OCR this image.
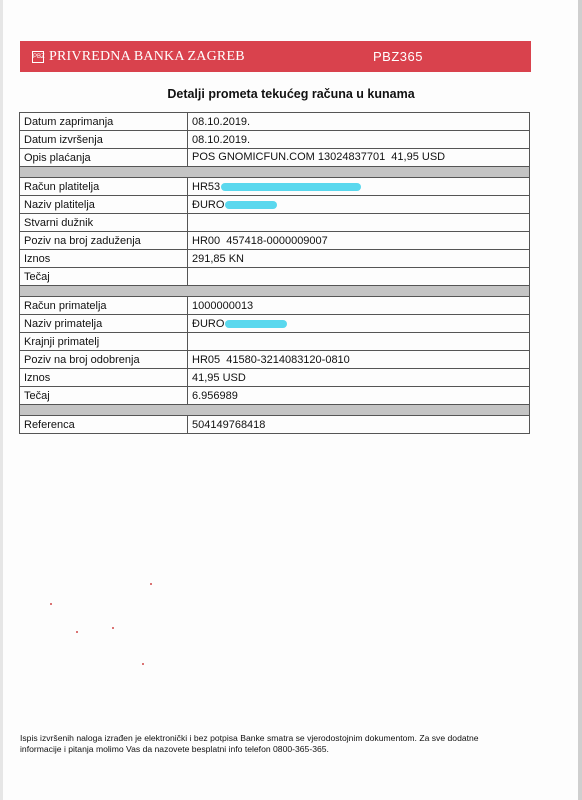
PBZ PRIVREDNA BANKA ZAGREB	PBZ365
Detalji prometa tekućeg računa u kunama
Datum zaprimanja	08.10.2019.
Datum izvršenja	08.10.2019.
Opis plaćanja	POS GNOMICFUN.COM 13024837701  41,95 USD

Račun platitelja	HR53
Naziv platitelja	ĐURO
Stvarni dužnik	
Poziv na broj zaduženja	HR00  457418-0000009007
Iznos	291,85 KN
Tečaj	

Račun primatelja	1000000013
Naziv primatelja	ĐURO
Krajnji primatelj	
Poziv na broj odobrenja	HR05  41580-3214083120-0810
Iznos	41,95 USD
Tečaj	6.956989

Referenca	504149768418
Ispis izvršenih naloga izrađen je elektronički i bez potpisa Banke smatra se vjerodostojnim dokumentom. Za sve dodatne
informacije i pitanja molimo Vas da nazovete besplatni info telefon 0800-365-365.
